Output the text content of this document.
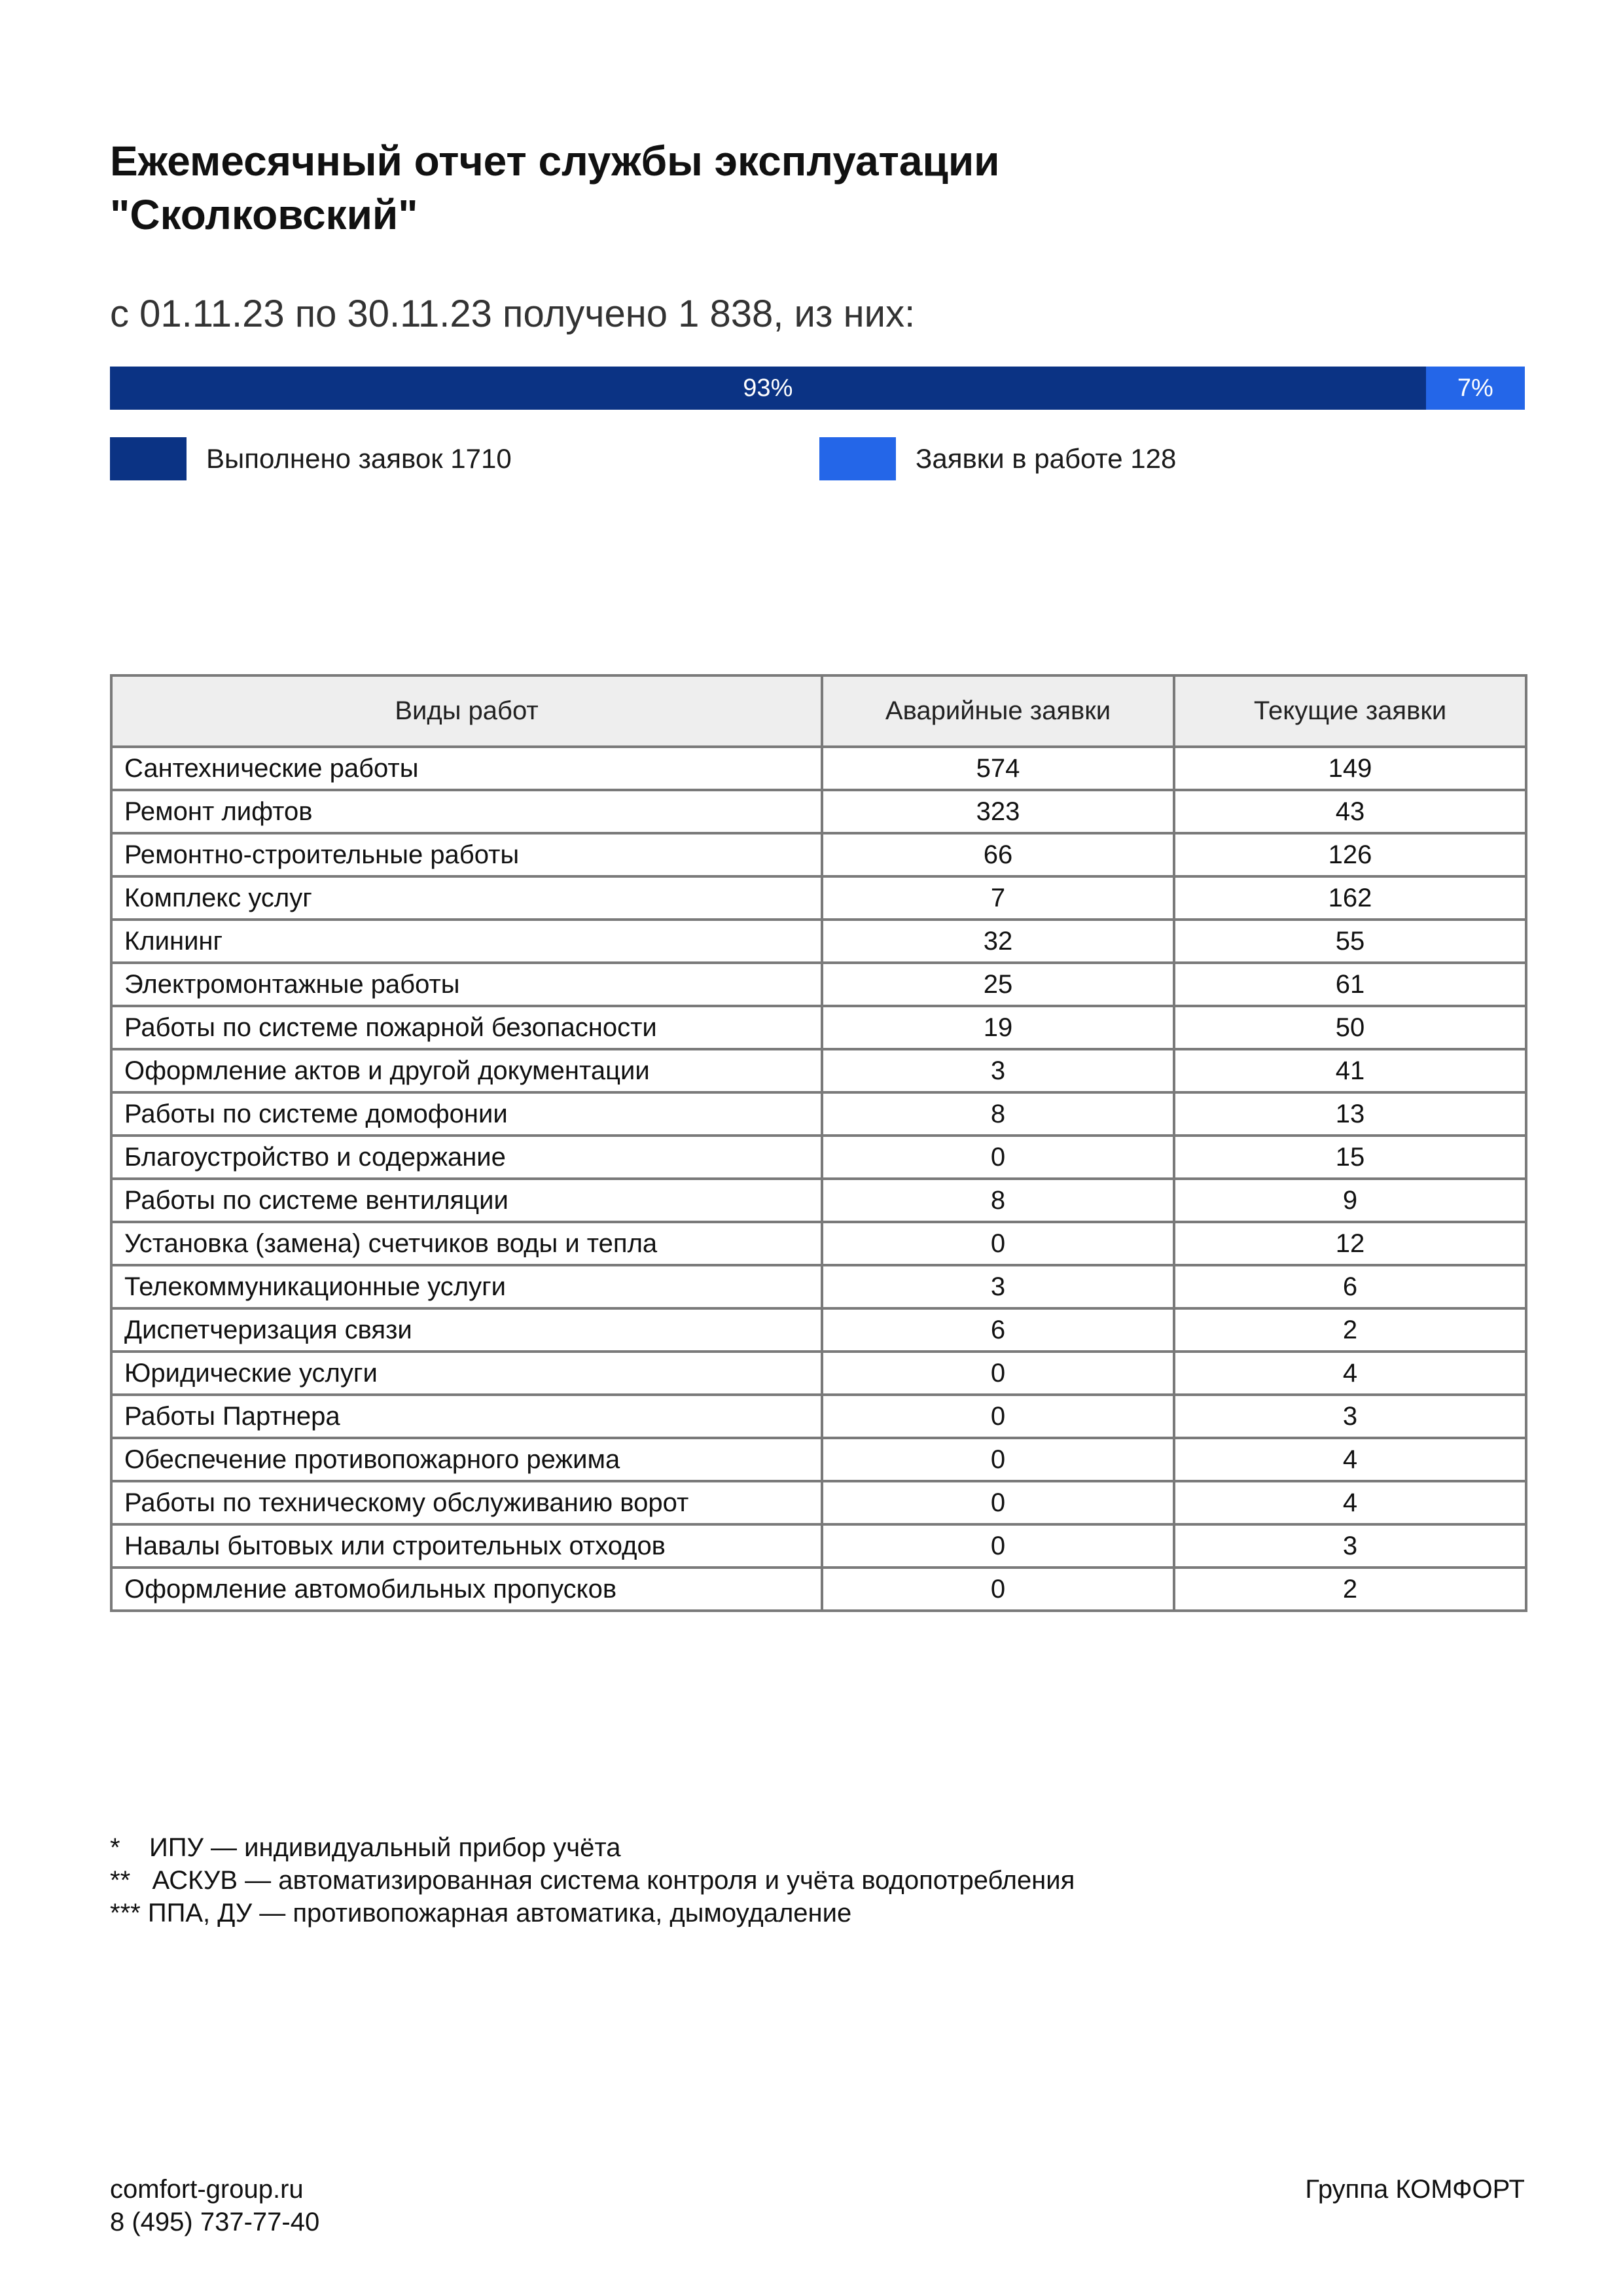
Ежемесячный отчет службы эксплуатации
"Сколковский"

с 01.11.23 по 30.11.23 получено 1 838, из них:

93%	7%
Выполнено заявок 1710	Заявки в работе 128
Виды работ	Аварийные заявки	Текущие заявки
Сантехнические работы	574	149
Ремонт лифтов	323	43
Ремонтно-строительные работы	66	126
Комплекс услуг	7	162
Клининг	32	55
Электромонтажные работы	25	61
Работы по системе пожарной безопасности	19	50
Оформление актов и другой документации	3	41
Работы по системе домофонии	8	13
Благоустройство и содержание	0	15
Работы по системе вентиляции	8	9
Установка (замена) счетчиков воды и тепла	0	12
Телекоммуникационные услуги	3	6
Диспетчеризация связи	6	2
Юридические услуги	0	4
Работы Партнера	0	3
Обеспечение противопожарного режима	0	4
Работы по техническому обслуживанию ворот	0	4
Навалы бытовых или строительных отходов	0	3
Оформление автомобильных пропусков	0	2
*    ИПУ — индивидуальный прибор учёта
**   АСКУВ — автоматизированная система контроля и учёта водопотребления
*** ППА, ДУ — противопожарная автоматика, дымоудаление
comfort-group.ru
8 (495) 737-77-40
Группа КОМФОРТ
